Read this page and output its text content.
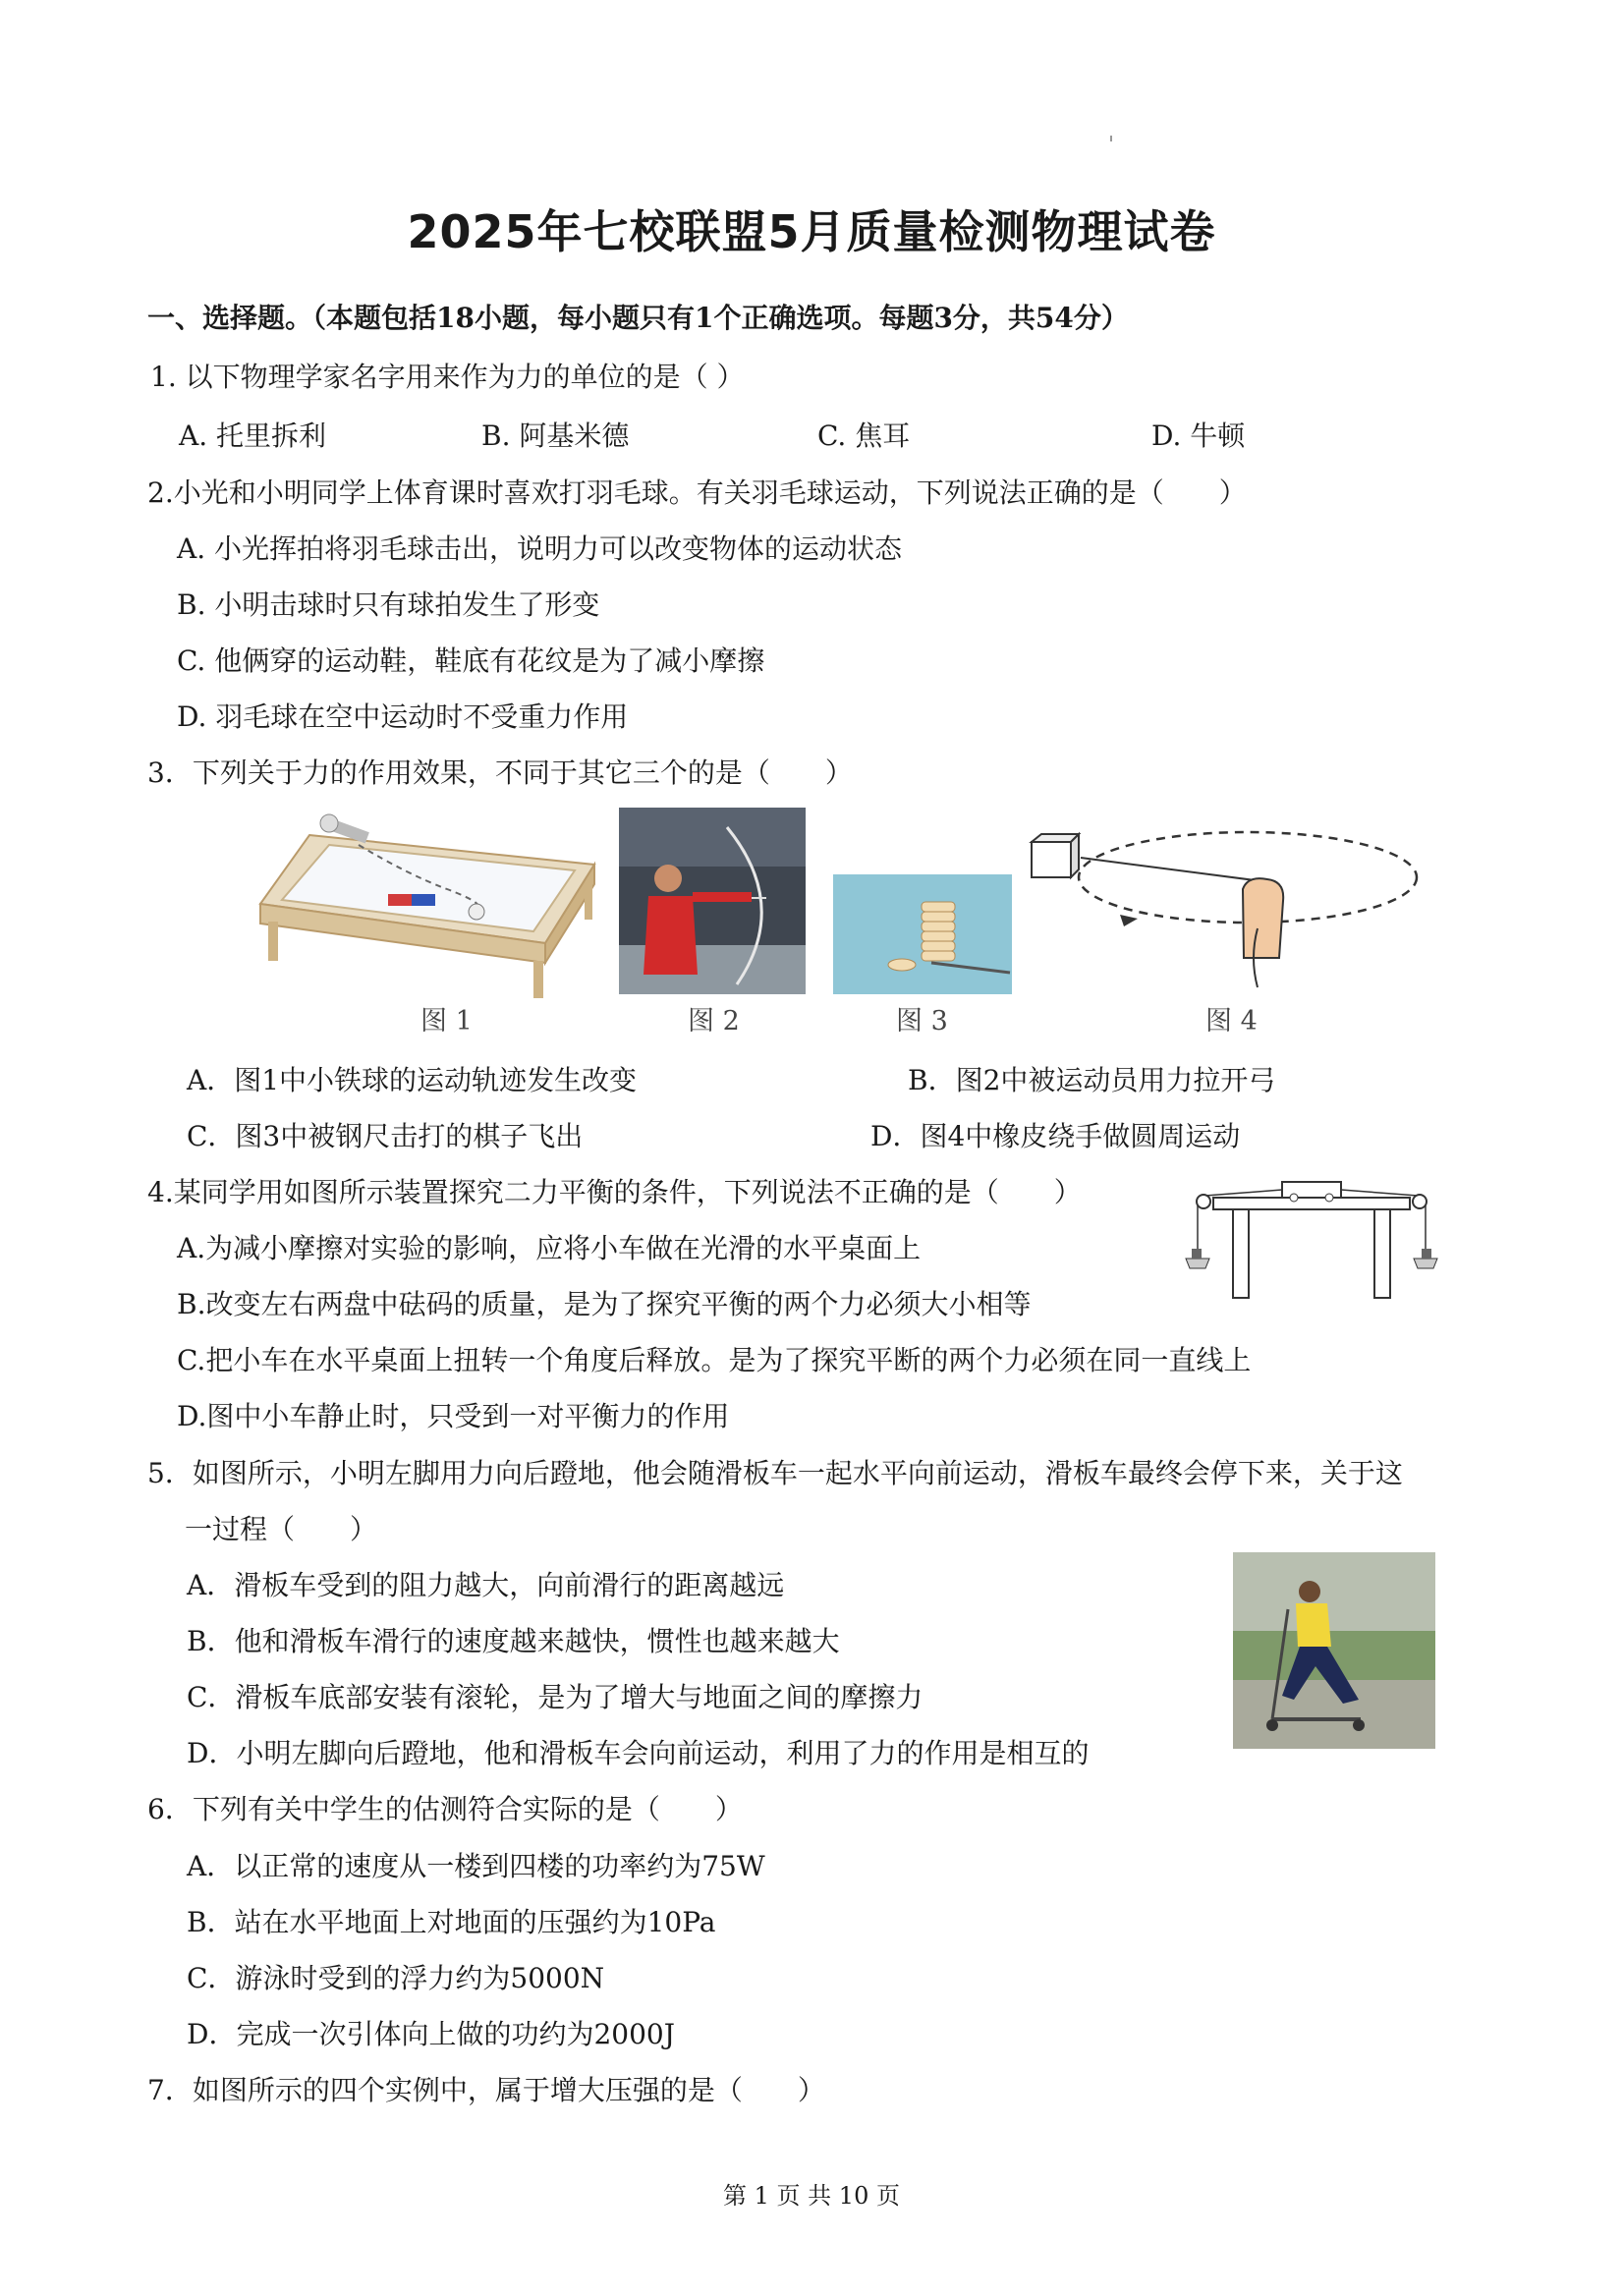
2025年七校联盟5月质量检测物理试卷
一、选择题。（本题包括18小题，每小题只有1个正确选项。每题3分，共54分）
1. 以下物理学家名字用来作为力的单位的是（ ）
A. 托里拆利	B. 阿基米德	C. 焦耳	D. 牛顿
2.小光和小明同学上体育课时喜欢打羽毛球。有关羽毛球运动，下列说法正确的是（　　）
A. 小光挥拍将羽毛球击出，说明力可以改变物体的运动状态
B. 小明击球时只有球拍发生了形变
C. 他俩穿的运动鞋，鞋底有花纹是为了减小摩擦
D. 羽毛球在空中运动时不受重力作用
3．下列关于力的作用效果，不同于其它三个的是（　　）
图 1	图 2	图 3	图 4
A．图1中小铁球的运动轨迹发生改变	B．图2中被运动员用力拉开弓
C．图3中被钢尺击打的棋子飞出	D．图4中橡皮绕手做圆周运动
4.某同学用如图所示装置探究二力平衡的条件，下列说法不正确的是（　　）
A.为减小摩擦对实验的影响，应将小车做在光滑的水平桌面上
B.改变左右两盘中砝码的质量，是为了探究平衡的两个力必须大小相等
C.把小车在水平桌面上扭转一个角度后释放。是为了探究平断的两个力必须在同一直线上
D.图中小车静止时，只受到一对平衡力的作用
5．如图所示，小明左脚用力向后蹬地，他会随滑板车一起水平向前运动，滑板车最终会停下来，关于这
一过程（　　）
A．滑板车受到的阻力越大，向前滑行的距离越远
B．他和滑板车滑行的速度越来越快，惯性也越来越大
C．滑板车底部安装有滚轮，是为了增大与地面之间的摩擦力
D．小明左脚向后蹬地，他和滑板车会向前运动，利用了力的作用是相互的
6．下列有关中学生的估测符合实际的是（　　）
A．以正常的速度从一楼到四楼的功率约为75W
B．站在水平地面上对地面的压强约为10Pa
C．游泳时受到的浮力约为5000N
D．完成一次引体向上做的功约为2000J
7．如图所示的四个实例中，属于增大压强的是（　　）
第 1 页 共 10 页
